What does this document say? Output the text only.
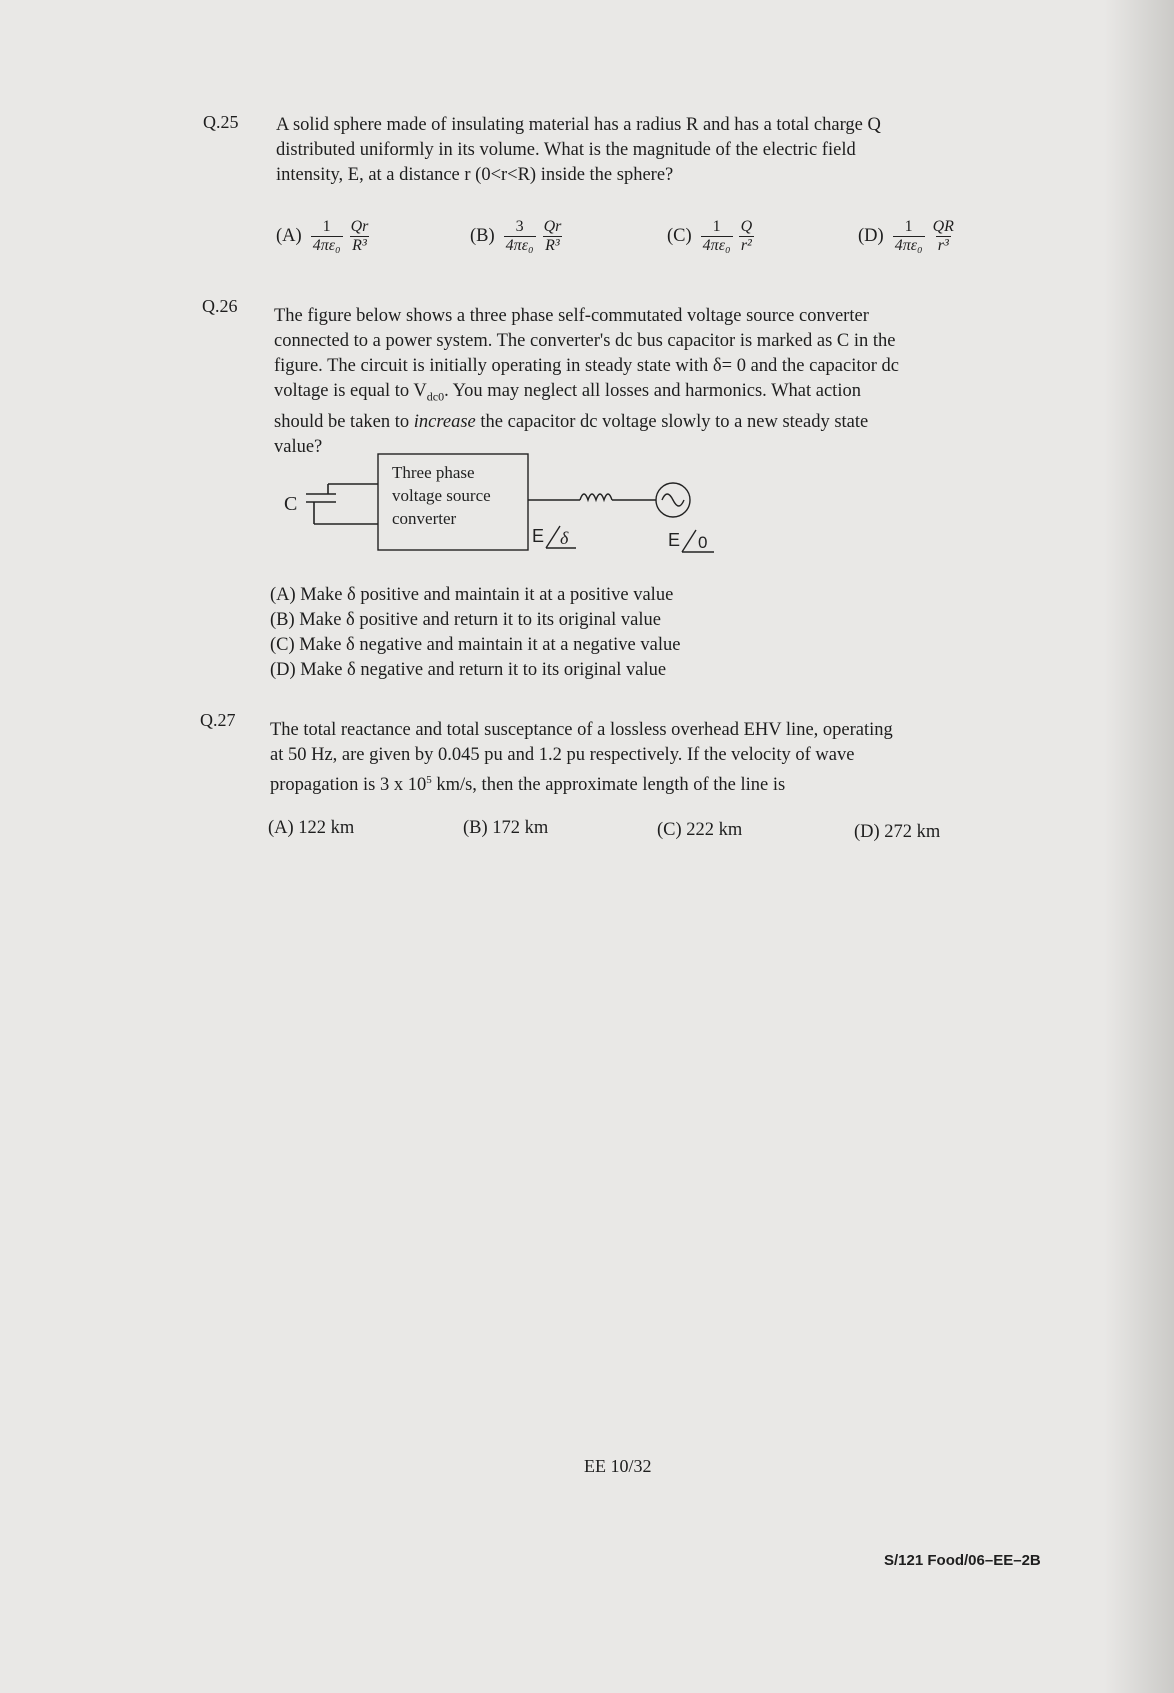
Q.25 A solid sphere made of insulating material has a radius R and has a total charge Q
distributed uniformly in its volume. What is the magnitude of the electric field
intensity, E, at a distance r (0<r<R) inside the sphere?
$(A) \frac{1}{\text{4πε₀}} \frac{Qr}{\text{R³}}$	$(B) \frac{3}{\text{4πε₀}} \frac{Qr}{\text{R³}}$	$(C) \frac{1}{\text{4πε₀}} \frac{Q}{\text{r²}}$	$(D) \frac{1}{\text{4πε₀}} \frac{QR}{\text{r³}}$
Q.26 The figure below shows a three phase self-commutated voltage source converter
connected to a power system. The converter's dc bus capacitor is marked as C in the
figure. The circuit is initially operating in steady state with δ= 0 and the capacitor dc
voltage is equal to $V_{dc0}$. You may neglect all losses and harmonics. What action
should be taken to increase the capacitor dc voltage slowly to a new steady state
value?
C
Three phase
voltage source
converter
E δ	E 0
(A) Make δ positive and maintain it at a positive value
(B) Make δ positive and return it to its original value
(C) Make δ negative and maintain it at a negative value
(D) Make δ negative and return it to its original value
Q.27 The total reactance and total susceptance of a lossless overhead EHV line, operating
at 50 Hz, are given by 0.045 pu and 1.2 pu respectively. If the velocity of wave
propagation is 3 x $10^5$ km/s, then the approximate length of the line is
(A) 122 km	(B) 172 km	(C) 222 km	(D) 272 km
EE 10/32
S/121 Food/06–EE–2B
